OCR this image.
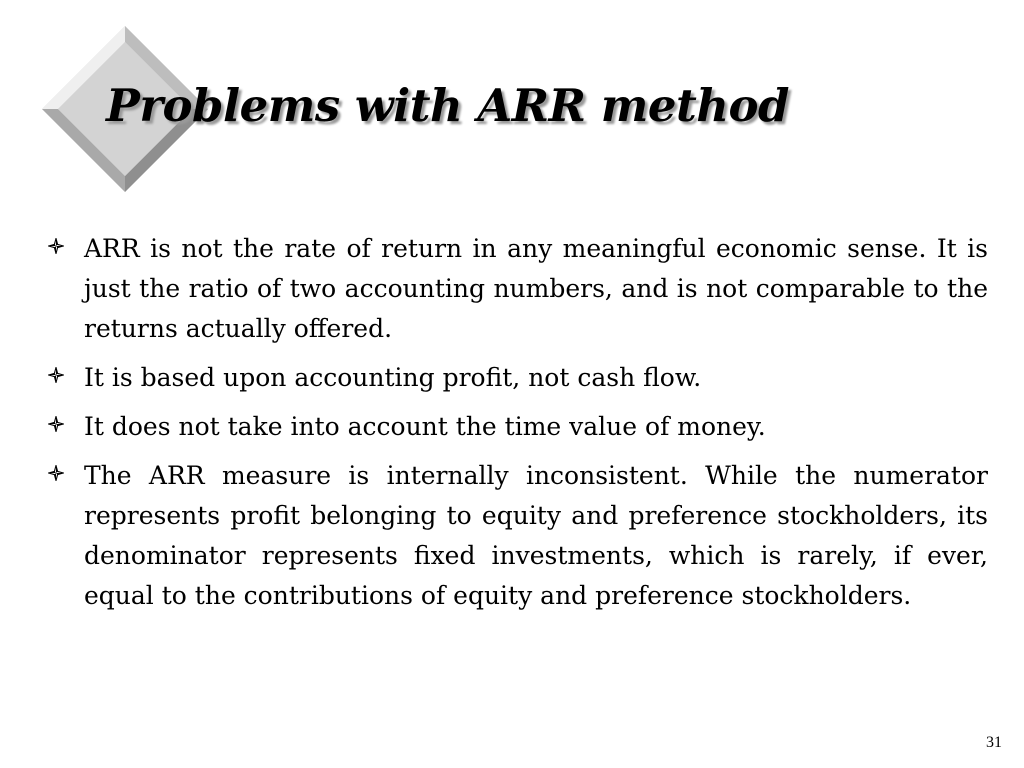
Problems with ARR method
ARR is not the rate of return in any meaningful economic sense. It is just the ratio of two accounting numbers, and is not comparable to the returns actually offered.
It is based upon accounting profit, not cash flow.
It does not take into account the time value of money.
The ARR measure is internally inconsistent. While the numerator represents profit belonging to equity and preference stockholders, its denominator represents fixed investments, which is rarely, if ever, equal to the contributions of equity and preference stockholders.
31
